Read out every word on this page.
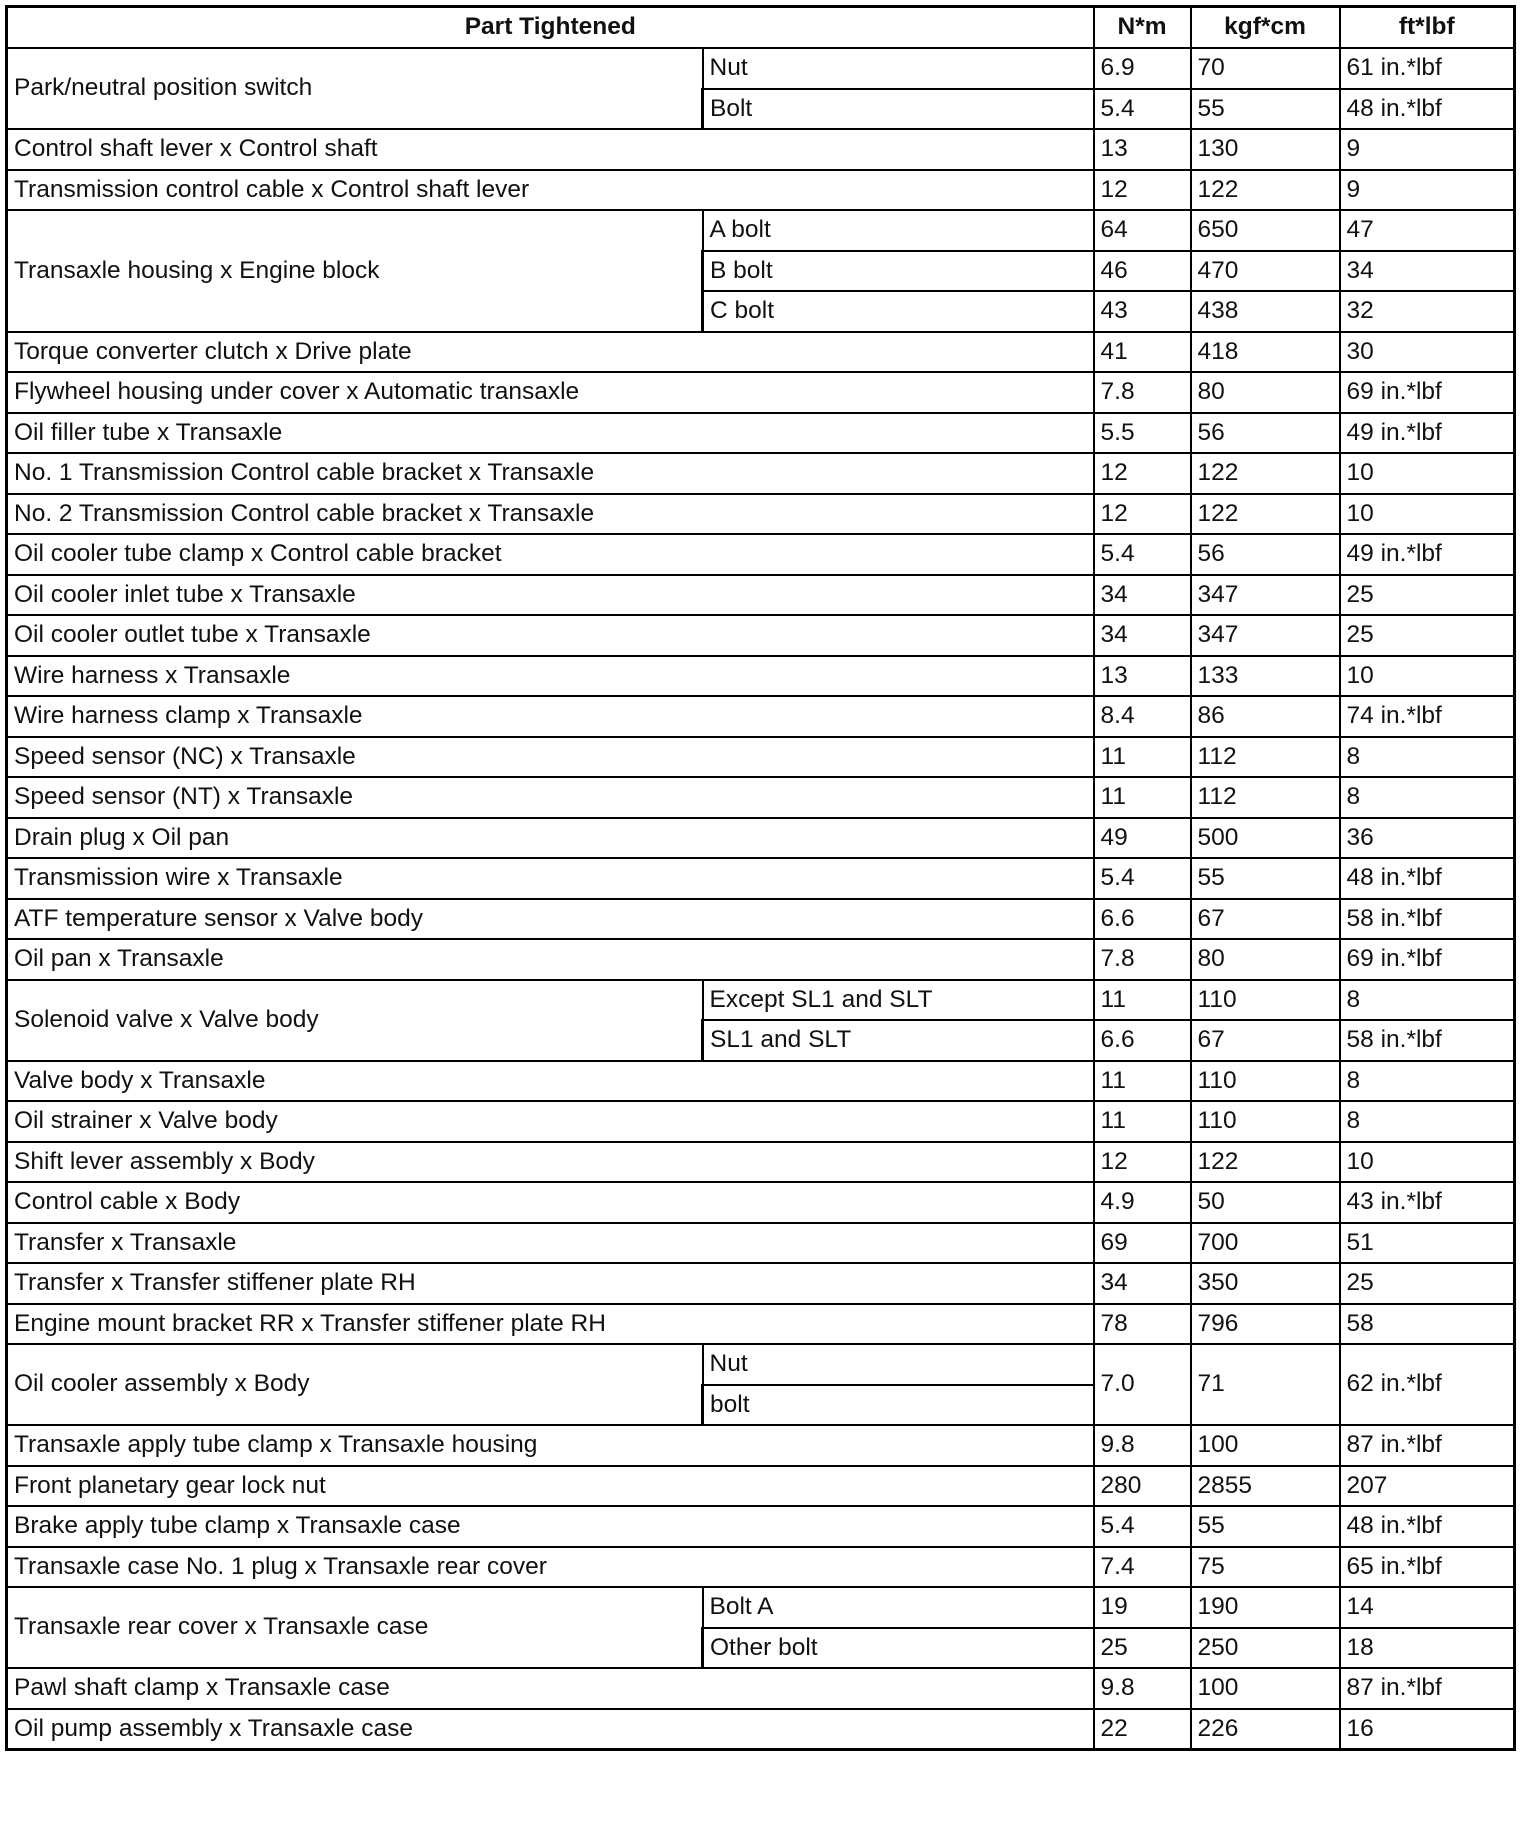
Part Tightened		N*m	kgf*cm	ft*lbf
Park/neutral position switch	Nut	6.9	70	61 in.*lbf
	Bolt	5.4	55	48 in.*lbf
Control shaft lever x Control shaft		13	130	9
Transmission control cable x Control shaft lever		12	122	9
Transaxle housing x Engine block	A bolt	64	650	47
	B bolt	46	470	34
	C bolt	43	438	32
Torque converter clutch x Drive plate		41	418	30
Flywheel housing under cover x Automatic transaxle		7.8	80	69 in.*lbf
Oil filler tube x Transaxle		5.5	56	49 in.*lbf
No. 1 Transmission Control cable bracket x Transaxle		12	122	10
No. 2 Transmission Control cable bracket x Transaxle		12	122	10
Oil cooler tube clamp x Control cable bracket		5.4	56	49 in.*lbf
Oil cooler inlet tube x Transaxle		34	347	25
Oil cooler outlet tube x Transaxle		34	347	25
Wire harness x Transaxle		13	133	10
Wire harness clamp x Transaxle		8.4	86	74 in.*lbf
Speed sensor (NC) x Transaxle		11	112	8
Speed sensor (NT) x Transaxle		11	112	8
Drain plug x Oil pan		49	500	36
Transmission wire x Transaxle		5.4	55	48 in.*lbf
ATF temperature sensor x Valve body		6.6	67	58 in.*lbf
Oil pan x Transaxle		7.8	80	69 in.*lbf
Solenoid valve x Valve body	Except SL1 and SLT	11	110	8
	SL1 and SLT	6.6	67	58 in.*lbf
Valve body x Transaxle		11	110	8
Oil strainer x Valve body		11	110	8
Shift lever assembly x Body		12	122	10
Control cable x Body		4.9	50	43 in.*lbf
Transfer x Transaxle		69	700	51
Transfer x Transfer stiffener plate RH		34	350	25
Engine mount bracket RR x Transfer stiffener plate RH		78	796	58
Oil cooler assembly x Body	Nut	7.0	71	62 in.*lbf
	bolt			
Transaxle apply tube clamp x Transaxle housing		9.8	100	87 in.*lbf
Front planetary gear lock nut		280	2855	207
Brake apply tube clamp x Transaxle case		5.4	55	48 in.*lbf
Transaxle case No. 1 plug x Transaxle rear cover		7.4	75	65 in.*lbf
Transaxle rear cover x Transaxle case	Bolt A	19	190	14
	Other bolt	25	250	18
Pawl shaft clamp x Transaxle case		9.8	100	87 in.*lbf
Oil pump assembly x Transaxle case		22	226	16
